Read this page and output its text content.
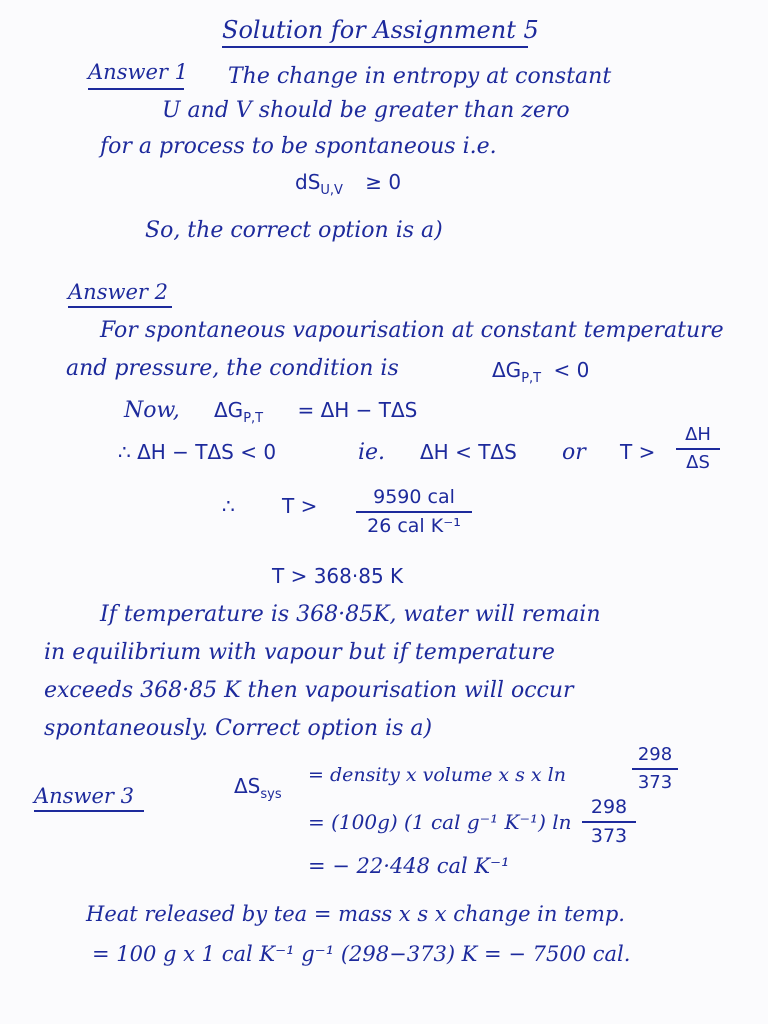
Solution for Assignment 5
Answer 1 The change in entropy at constant
U and V should be greater than zero
for a process to be spontaneous i.e.
$dS_{U,V} \ge 0$
So, the correct option is a)
Answer 2
For spontaneous vapourisation at constant temperature
and pressure, the condition is	$\Delta G_{P,T} < 0$
Now, $\Delta G_{P,T} = \Delta H - T\Delta S$
∴ ΔH − TΔS < 0	ie. ΔH < TΔS or T >
ΔH
ΔS
∴ T >	9590 cal
26 cal K⁻¹
T > 368·85 K
If temperature is 368·85K, water will remain
in equilibrium with vapour but if temperature
exceeds 368·85 K then vapourisation will occur
spontaneously. Correct option is a)
Answer 3	$\Delta S_{sys}$
= density x volume x s x ln
298
373
= (100g) (1 cal g⁻¹ K⁻¹) ln
298
373
= − 22·448 cal K⁻¹
Heat released by tea = mass x s x change in temp.
= 100 g x 1 cal K⁻¹ g⁻¹ (298−373) K = − 7500 cal.
